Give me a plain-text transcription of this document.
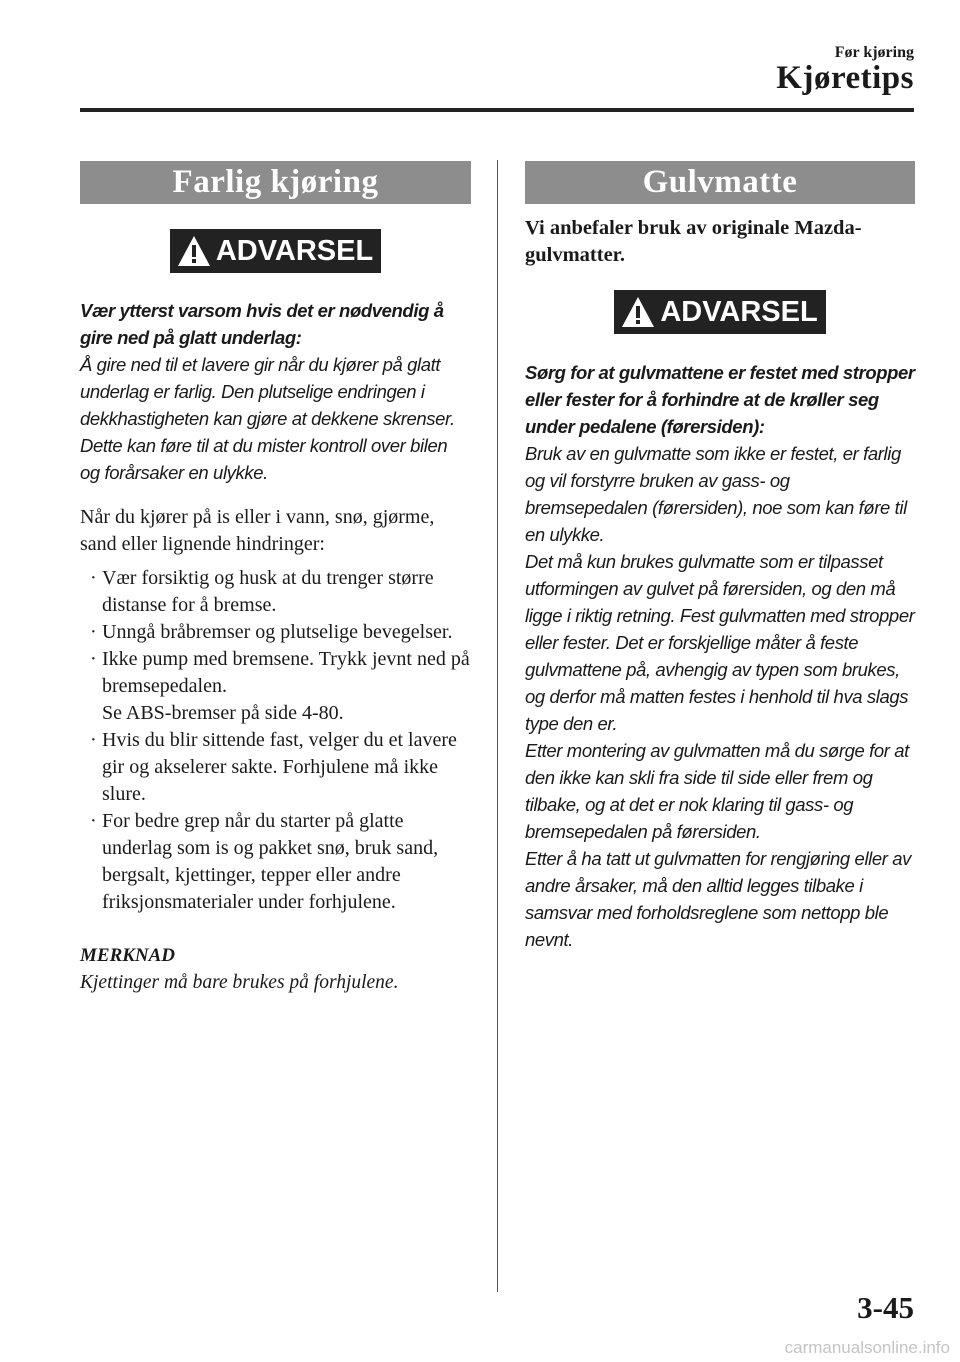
Før kjøring
Kjøretips
Farlig kjøring
ADVARSEL
Vær ytterst varsom hvis det er nødvendig å gire ned på glatt underlag:
Å gire ned til et lavere gir når du kjører på glatt underlag er farlig. Den plutselige endringen i dekkhastigheten kan gjøre at dekkene skrenser. Dette kan føre til at du mister kontroll over bilen og forårsaker en ulykke.
Når du kjører på is eller i vann, snø, gjørme, sand eller lignende hindringer:
· Vær forsiktig og husk at du trenger større distanse for å bremse.
· Unngå bråbremser og plutselige bevegelser.
· Ikke pump med bremsene. Trykk jevnt ned på bremsepedalen.
Se ABS-bremser på side 4-80.
· Hvis du blir sittende fast, velger du et lavere gir og akselerer sakte. Forhjulene må ikke slure.
· For bedre grep når du starter på glatte underlag som is og pakket snø, bruk sand, bergsalt, kjettinger, tepper eller andre friksjonsmaterialer under forhjulene.
MERKNAD
Kjettinger må bare brukes på forhjulene.
Gulvmatte
Vi anbefaler bruk av originale Mazda-gulvmatter.
ADVARSEL
Sørg for at gulvmattene er festet med stropper eller fester for å forhindre at de krøller seg under pedalene (førersiden):
Bruk av en gulvmatte som ikke er festet, er farlig og vil forstyrre bruken av gass- og bremsepedalen (førersiden), noe som kan føre til en ulykke.
Det må kun brukes gulvmatte som er tilpasset utformingen av gulvet på førersiden, og den må ligge i riktig retning. Fest gulvmatten med stropper eller fester. Det er forskjellige måter å feste gulvmattene på, avhengig av typen som brukes, og derfor må matten festes i henhold til hva slags type den er.
Etter montering av gulvmatten må du sørge for at den ikke kan skli fra side til side eller frem og tilbake, og at det er nok klaring til gass- og bremsepedalen på førersiden.
Etter å ha tatt ut gulvmatten for rengjøring eller av andre årsaker, må den alltid legges tilbake i samsvar med forholdsreglene som nettopp ble nevnt.
3-45
carmanualsonline.info
